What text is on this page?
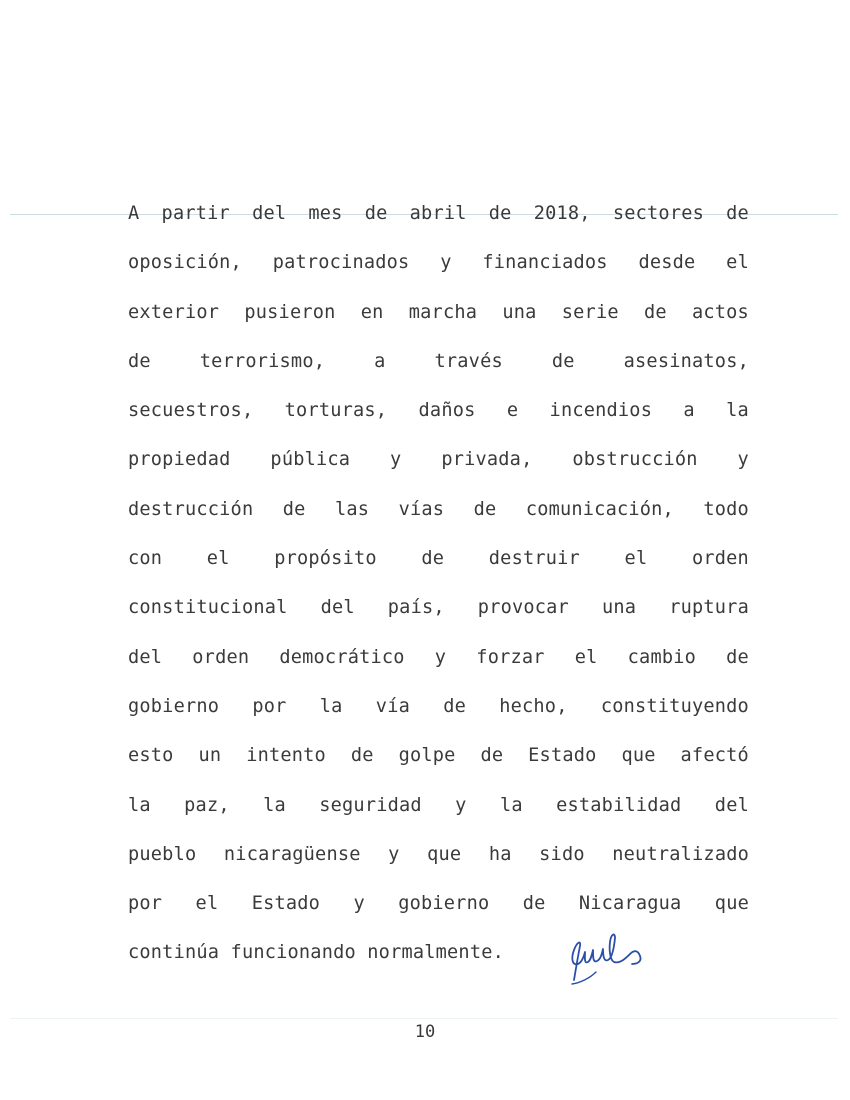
A partir del mes de abril de 2018, sectores de
oposición, patrocinados y financiados desde el
exterior pusieron en marcha una serie de actos
de	terrorismo,	a	través	de	asesinatos,
secuestros, torturas, daños e incendios a la
propiedad pública y privada, obstrucción y
destrucción de las vías de comunicación, todo
con el propósito de destruir el orden
constitucional del país, provocar una ruptura
del orden democrático y forzar el cambio de
gobierno por la vía de hecho, constituyendo
esto un intento de golpe de Estado que afectó
la paz, la seguridad y la estabilidad del
pueblo nicaragüense y que ha sido neutralizado
por el Estado y gobierno de Nicaragua que
continúa funcionando normalmente.
10
